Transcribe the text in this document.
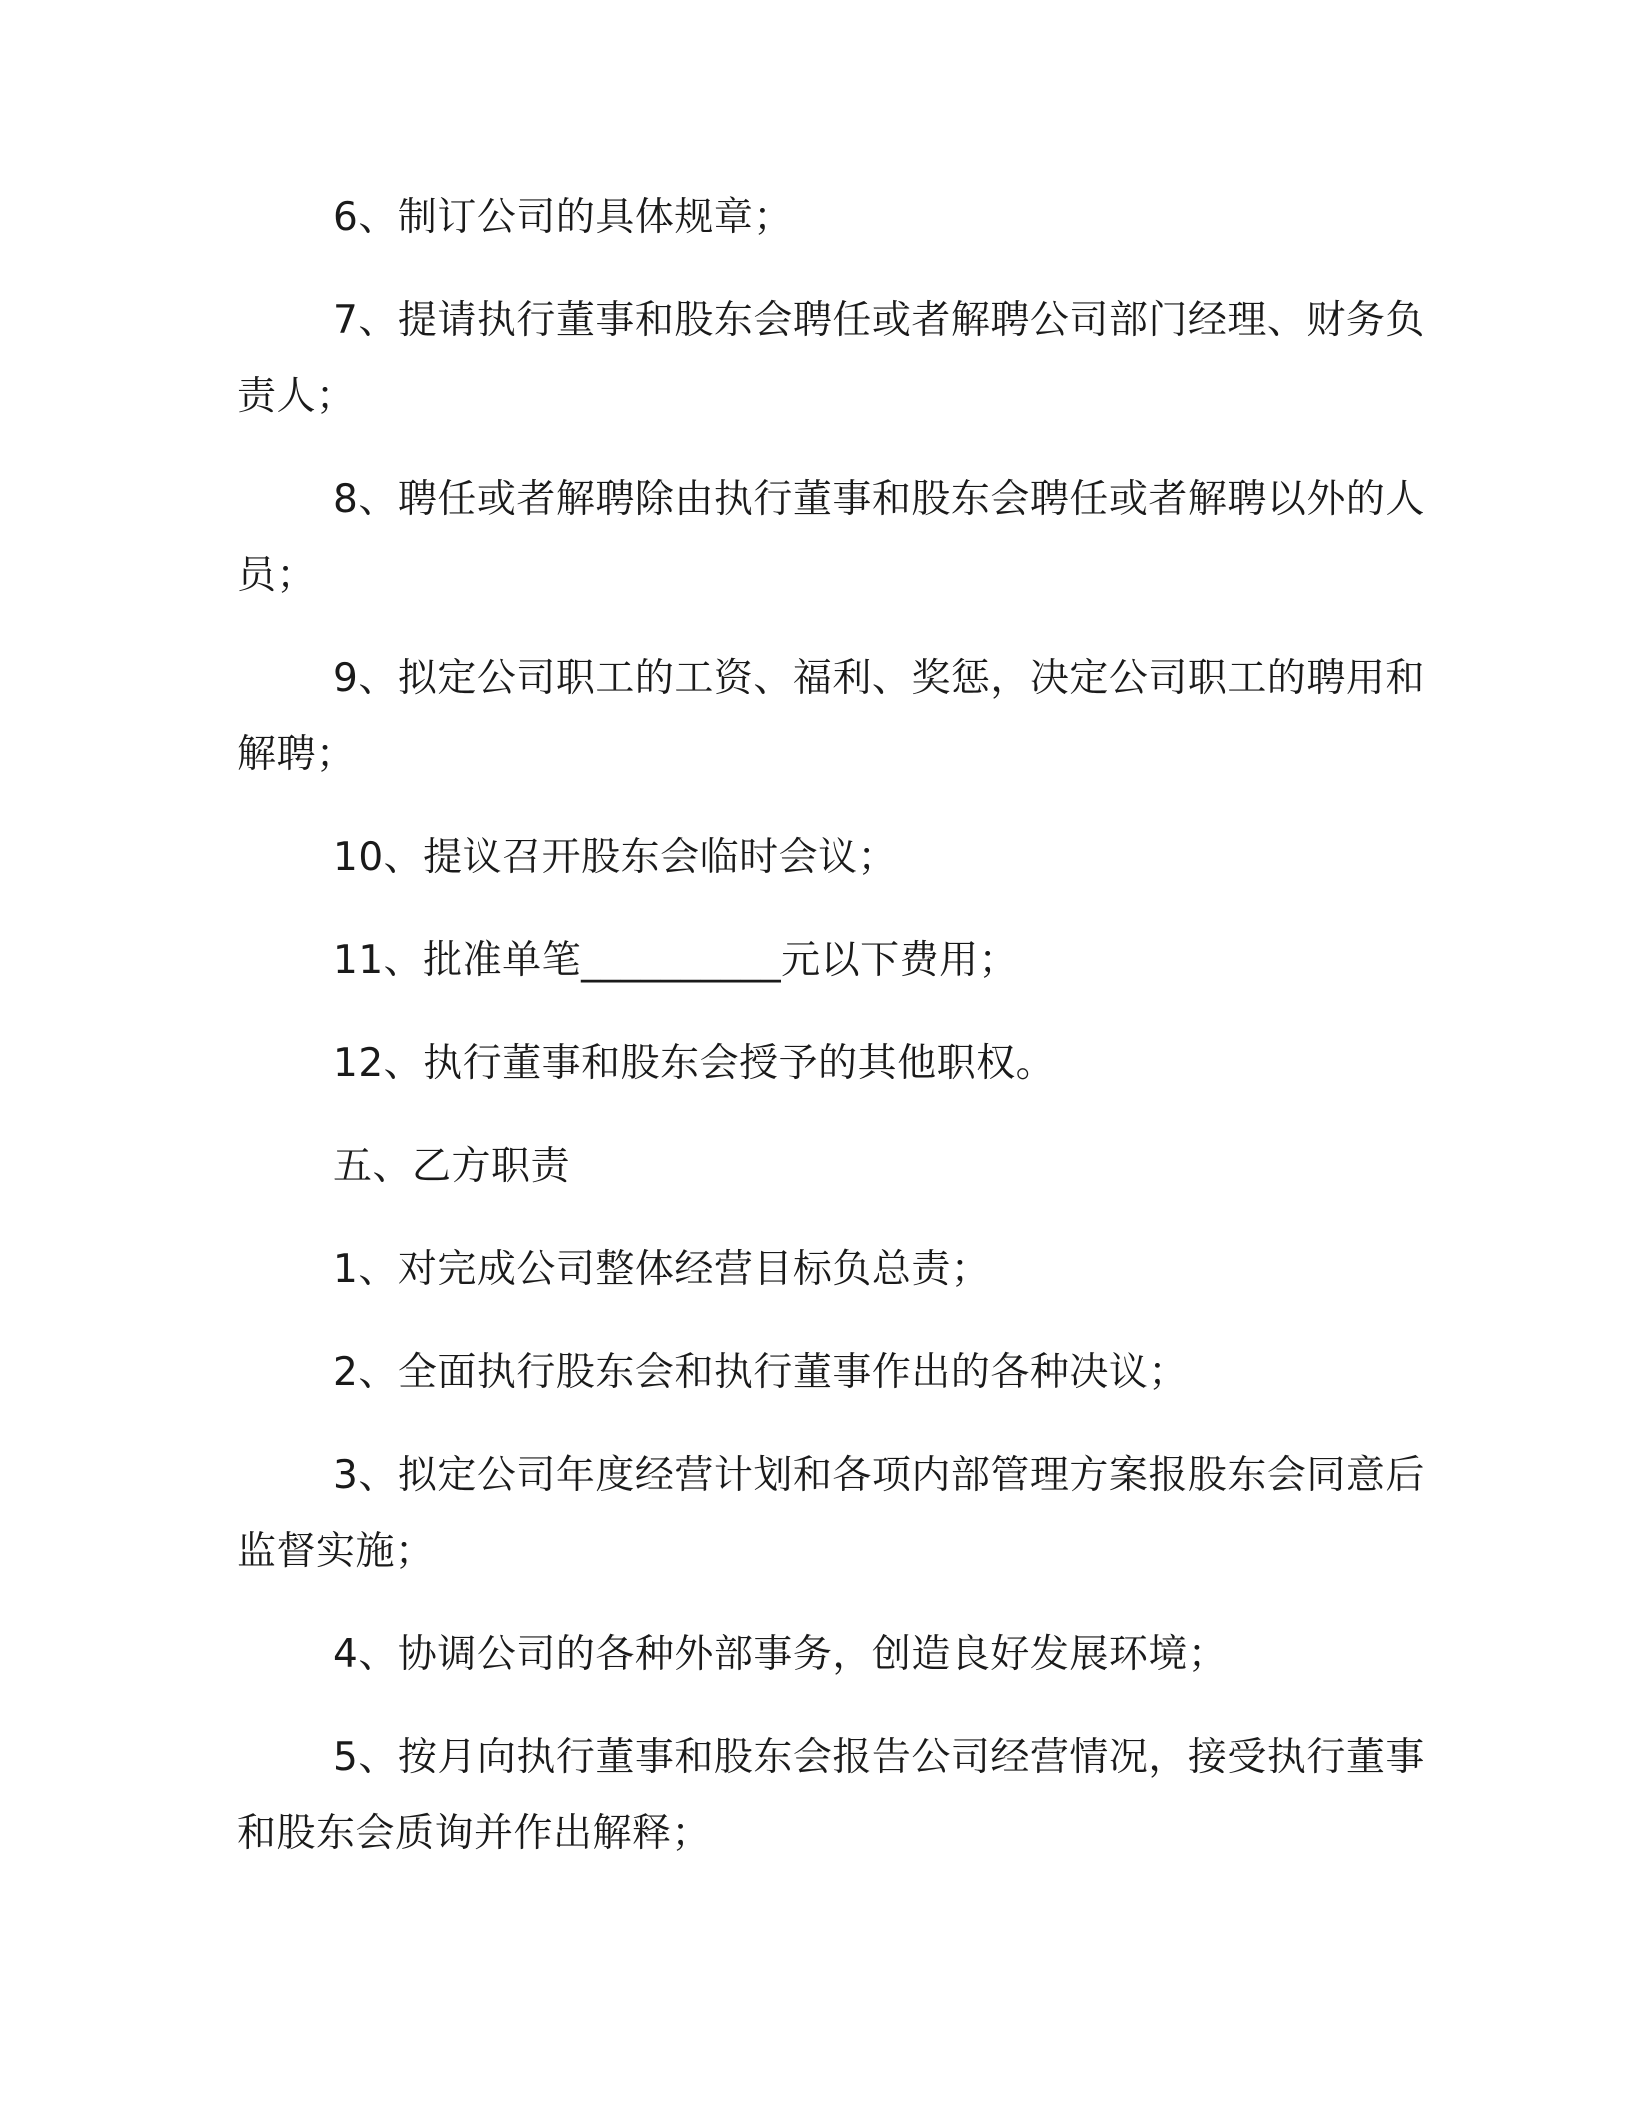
6、制订公司的具体规章；
7、提请执行董事和股东会聘任或者解聘公司部门经理、财务负
责人；
8、聘任或者解聘除由执行董事和股东会聘任或者解聘以外的人
员；
9、拟定公司职工的工资、福利、奖惩，决定公司职工的聘用和
解聘；
10、提议召开股东会临时会议；
11、批准单笔__________元以下费用；
12、执行董事和股东会授予的其他职权。
五、乙方职责
1、对完成公司整体经营目标负总责；
2、全面执行股东会和执行董事作出的各种决议；
3、拟定公司年度经营计划和各项内部管理方案报股东会同意后
监督实施；
4、协调公司的各种外部事务，创造良好发展环境；
5、按月向执行董事和股东会报告公司经营情况，接受执行董事
和股东会质询并作出解释；
